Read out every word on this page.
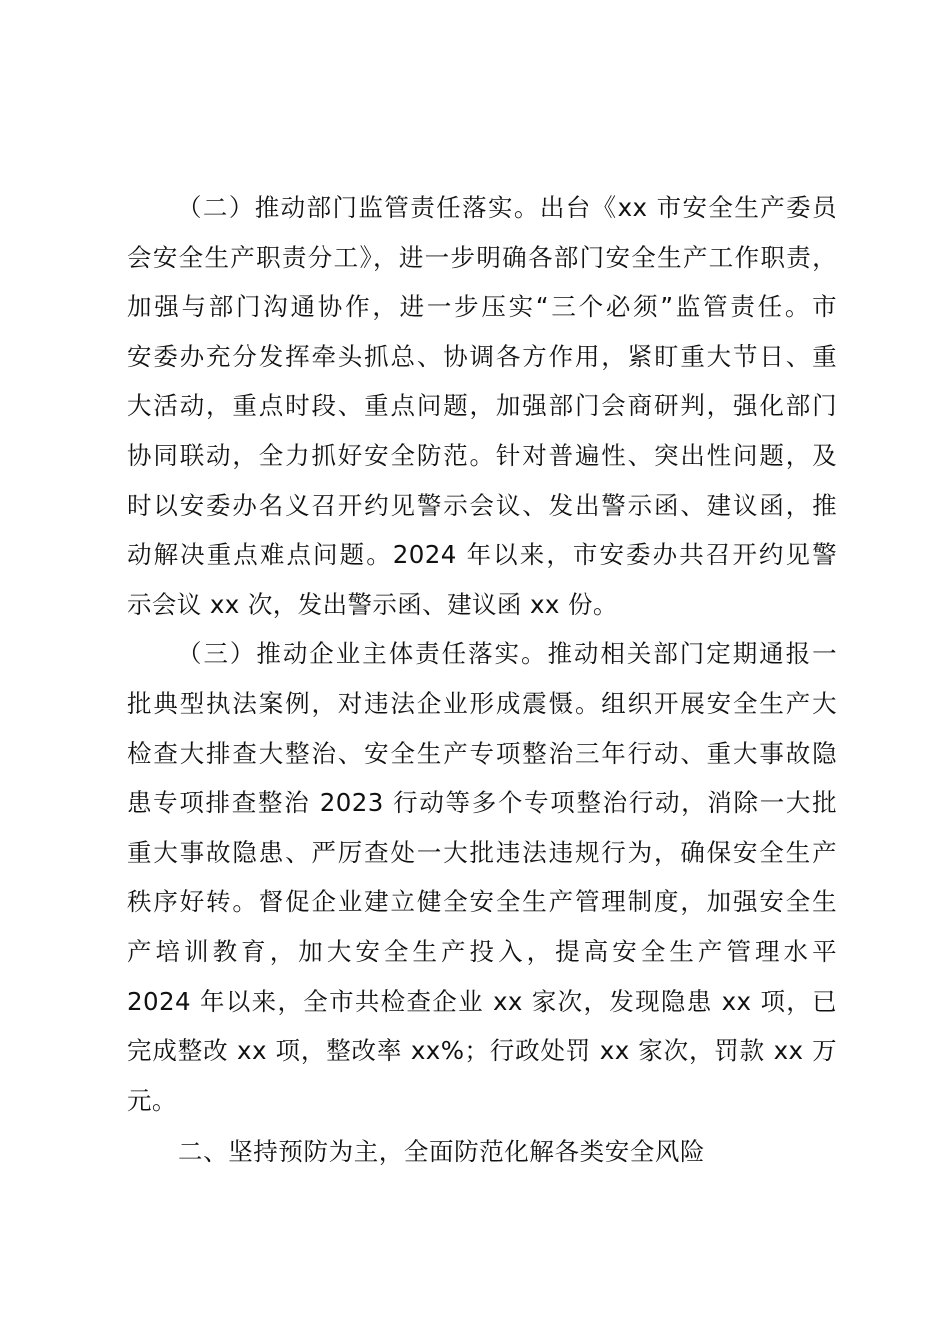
（二）推动部门监管责任落实。出台《xx 市安全生产委员
会安全生产职责分工》，进一步明确各部门安全生产工作职责，
加强与部门沟通协作，进一步压实“三个必须”监管责任。市
安委办充分发挥牵头抓总、协调各方作用，紧盯重大节日、重
大活动，重点时段、重点问题，加强部门会商研判，强化部门
协同联动，全力抓好安全防范。针对普遍性、突出性问题，及
时以安委办名义召开约见警示会议、发出警示函、建议函，推
动解决重点难点问题。2024 年以来，市安委办共召开约见警
示会议 xx 次，发出警示函、建议函 xx 份。
（三）推动企业主体责任落实。推动相关部门定期通报一
批典型执法案例，对违法企业形成震慑。组织开展安全生产大
检查大排查大整治、安全生产专项整治三年行动、重大事故隐
患专项排查整治 2023 行动等多个专项整治行动，消除一大批
重大事故隐患、严厉查处一大批违法违规行为，确保安全生产
秩序好转。督促企业建立健全安全生产管理制度，加强安全生
产培训教育，加大安全生产投入，提高安全生产管理水平
2024 年以来，全市共检查企业 xx 家次，发现隐患 xx 项，已
完成整改 xx 项，整改率 xx%；行政处罚 xx 家次，罚款 xx 万
元。
二、坚持预防为主，全面防范化解各类安全风险
